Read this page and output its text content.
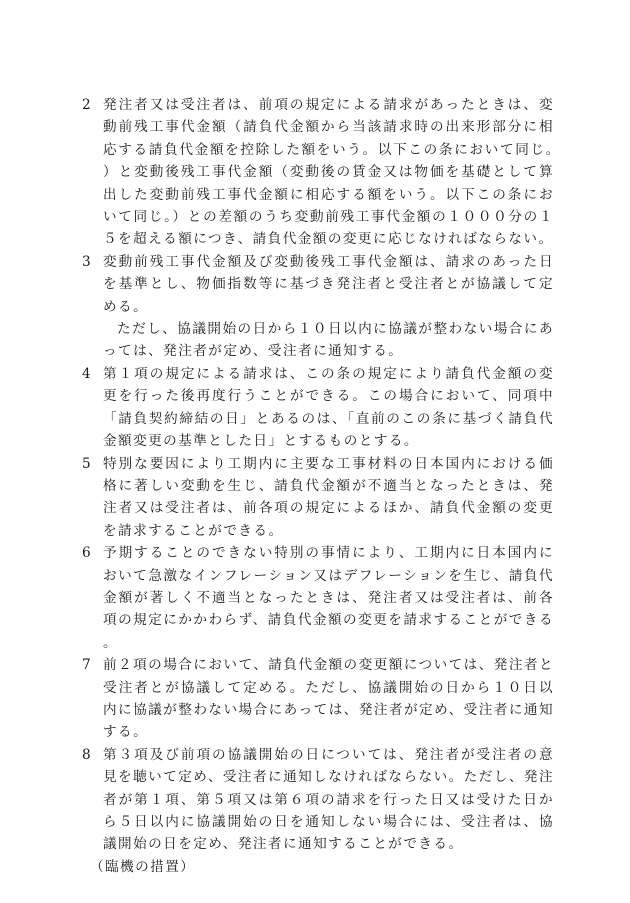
2 発注者又は受注者は、前項の規定による請求があったときは、変動前残工事代金額（請負代金額から当該請求時の出来形部分に相応する請負代金額を控除した額をいう。以下この条において同じ。）と変動後残工事代金額（変動後の賃金又は物価を基礎として算出した変動前残工事代金額に相応する額をいう。以下この条において同じ。）との差額のうち変動前残工事代金額の１０００分の１５を超える額につき、請負代金額の変更に応じなければならない。
3 変動前残工事代金額及び変動後残工事代金額は、請求のあった日を基準とし、物価指数等に基づき発注者と受注者とが協議して定める。
ただし、協議開始の日から１０日以内に協議が整わない場合にあっては、発注者が定め、受注者に通知する。
4 第１項の規定による請求は、この条の規定により請負代金額の変更を行った後再度行うことができる。この場合において、同項中「請負契約締結の日」とあるのは、「直前のこの条に基づく請負代金額変更の基準とした日」とするものとする。
5 特別な要因により工期内に主要な工事材料の日本国内における価格に著しい変動を生じ、請負代金額が不適当となったときは、発注者又は受注者は、前各項の規定によるほか、請負代金額の変更を請求することができる。
6 予期することのできない特別の事情により、工期内に日本国内において急激なインフレーション又はデフレーションを生じ、請負代金額が著しく不適当となったときは、発注者又は受注者は、前各項の規定にかかわらず、請負代金額の変更を請求することができる。
7 前２項の場合において、請負代金額の変更額については、発注者と受注者とが協議して定める。ただし、協議開始の日から１０日以内に協議が整わない場合にあっては、発注者が定め、受注者に通知する。
8 第３項及び前項の協議開始の日については、発注者が受注者の意見を聴いて定め、受注者に通知しなければならない。ただし、発注者が第１項、第５項又は第６項の請求を行った日又は受けた日から５日以内に協議開始の日を通知しない場合には、受注者は、協議開始の日を定め、発注者に通知することができる。
（臨機の措置）
